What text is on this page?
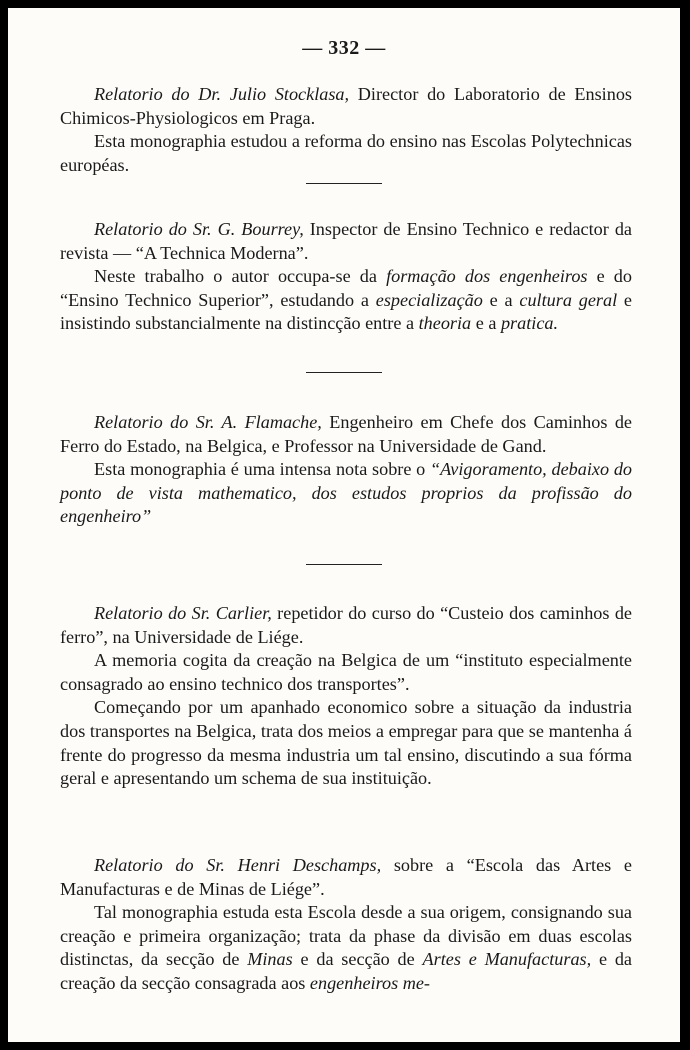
— 332 —

Relatorio do Dr. Julio Stocklasa, Director do Laboratorio de Ensinos Chimicos-Physiologicos em Praga.

Esta monographia estudou a reforma do ensino nas Escolas Polytechnicas européas.

Relatorio do Sr. G. Bourrey, Inspector de Ensino Technico e redactor da revista — “A Technica Moderna”.

Neste trabalho o autor occupa-se da formação dos engenheiros e do “Ensino Technico Superior”, estudando a especialização e a cultura geral e insistindo substancialmente na distincção entre a theoria e a pratica.

Relatorio do Sr. A. Flamache, Engenheiro em Chefe dos Caminhos de Ferro do Estado, na Belgica, e Professor na Universidade de Gand.

Esta monographia é uma intensa nota sobre o “Avigoramento, debaixo do ponto de vista mathematico, dos estudos proprios da profissão do engenheiro”

Relatorio do Sr. Carlier, repetidor do curso do “Custeio dos caminhos de ferro”, na Universidade de Liége.

A memoria cogita da creação na Belgica de um “instituto especialmente consagrado ao ensino technico dos transportes”.

Começando por um apanhado economico sobre a situação da industria dos transportes na Belgica, trata dos meios a empregar para que se mantenha á frente do progresso da mesma industria um tal ensino, discutindo a sua fórma geral e apresentando um schema de sua instituição.

Relatorio do Sr. Henri Deschamps, sobre a “Escola das Artes e Manufacturas e de Minas de Liége”.

Tal monographia estuda esta Escola desde a sua origem, consignando sua creação e primeira organização; trata da phase da divisão em duas escolas distinctas, da secção de Minas e da secção de Artes e Manufacturas, e da creação da secção consagrada aos engenheiros me-
